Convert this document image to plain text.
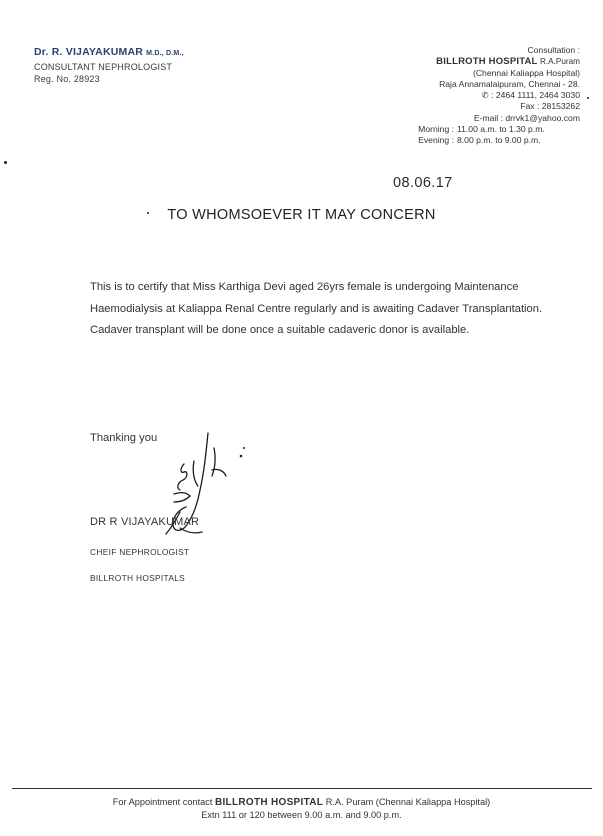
Dr. R. VIJAYAKUMAR M.D., D.M.,
CONSULTANT NEPHROLOGIST
Reg. No. 28923
Consultation :
BILLROTH HOSPITAL R.A.Puram
(Chennai Kaliappa Hospital)
Raja Annamalaipuram, Chennai - 28.
✆ : 2464 1111, 2464 3030
Fax : 28153262
E-mail : drrvk1@yahoo.com
Morning : 11.00 a.m. to 1.30 p.m.
Evening : 8.00 p.m. to 9.00 p.m.
08.06.17
TO WHOMSOEVER IT MAY CONCERN
This is to certify that Miss Karthiga Devi aged 26yrs female is undergoing Maintenance Haemodialysis at Kaliappa Renal Centre regularly and is awaiting Cadaver Transplantation. Cadaver transplant will be done once a suitable cadaveric donor is available.
Thanking you
DR R VIJAYAKUMAR
CHEIF NEPHROLOGIST
BILLROTH HOSPITALS
For Appointment contact BILLROTH HOSPITAL R.A. Puram (Chennai Kaliappa Hospital)
Extn 111 or 120 between 9.00 a.m. and 9.00 p.m.
